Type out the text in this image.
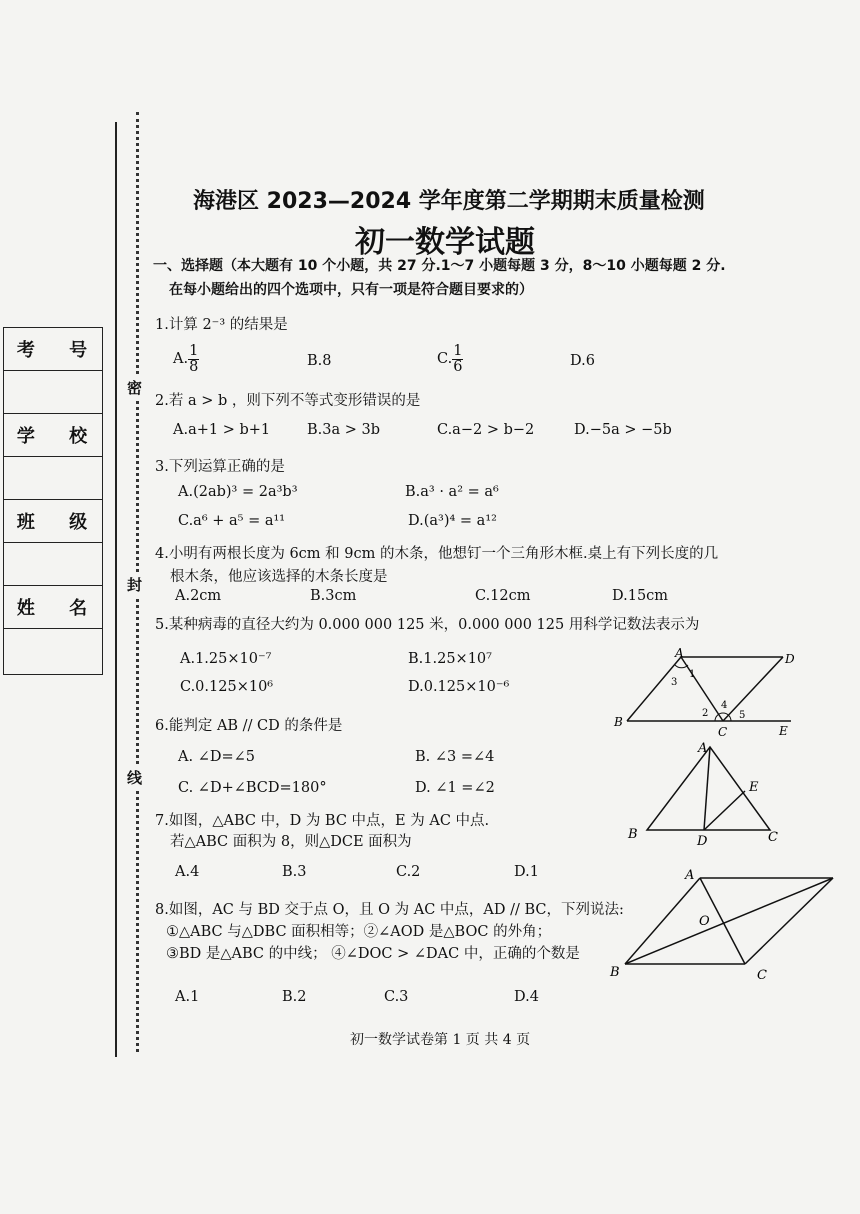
密
封
线
考 号
学 校
班 级
姓 名
海港区 2023—2024 学年度第二学期期末质量检测
初一数学试题
一、选择题（本大题有 10 个小题，共 27 分.1～7 小题每题 3 分，8～10 小题每题 2 分.
在每小题给出的四个选项中，只有一项是符合题目要求的）
1.计算 2⁻³ 的结果是
A. $\frac{1}{8}$	B.8	C. $\frac{1}{6}$	D.6
2.若 a > b ，则下列不等式变形错误的是
A.a+1 > b+1	B.3a > 3b	C.a−2 > b−2	D.−5a > −5b
3.下列运算正确的是
A.(2ab)³ = 2a³b³	B.a³ · a² = a⁶
C.a⁶ + a⁵ = a¹¹	D.(a³)⁴ = a¹²
4.小明有两根长度为 6cm 和 9cm 的木条，他想钉一个三角形木框.桌上有下列长度的几
根木条，他应该选择的木条长度是
A.2cm	B.3cm	C.12cm	D.15cm
5.某种病毒的直径大约为 0.000 000 125 米，0.000 000 125 用科学记数法表示为
A.1.25×10⁻⁷	B.1.25×10⁷
C.0.125×10⁶	D.0.125×10⁻⁶
6.能判定 AB // CD 的条件是
A. ∠D=∠5	B. ∠3 =∠4
C. ∠D+∠BCD=180°	D. ∠1 =∠2
7.如图，△ABC 中，D 为 BC 中点，E 为 AC 中点.
若△ABC 面积为 8，则△DCE 面积为
A.4	B.3	C.2	D.1
8.如图，AC 与 BD 交于点 O，且 O 为 AC 中点，AD // BC，下列说法:
①△ABC 与△DBC 面积相等；②∠AOD 是△BOC 的外角；
③BD 是△ABC 的中线； ④∠DOC > ∠DAC 中，正确的个数是
A.1	B.2	C.3	D.4
初一数学试卷第 1 页 共 4 页
A	D
B
C	E
1
2
3
4
5
A
B	C
D
E
A
B	C
O
